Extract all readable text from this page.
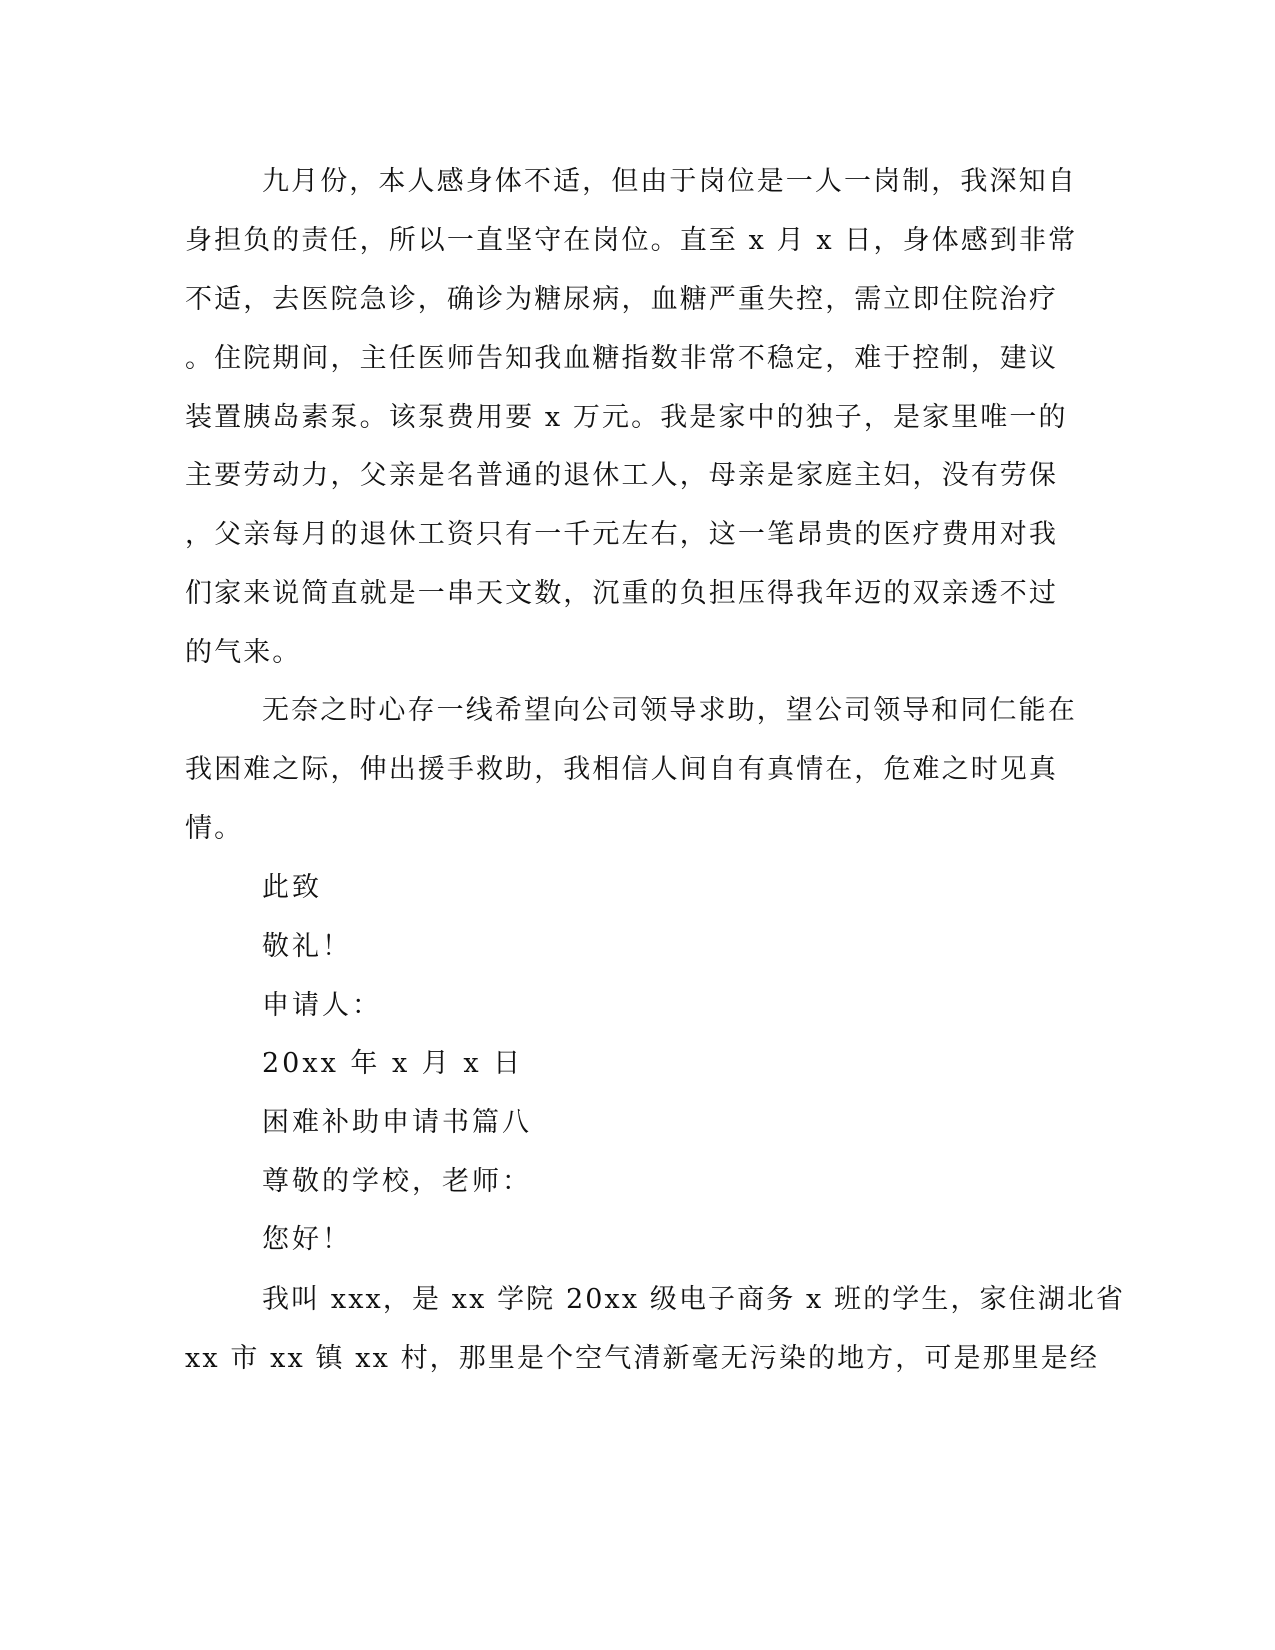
九月份，本人感身体不适，但由于岗位是一人一岗制，我深知自
身担负的责任，所以一直坚守在岗位。直至 x 月 x 日，身体感到非常
不适，去医院急诊，确诊为糖尿病，血糖严重失控，需立即住院治疗
。住院期间，主任医师告知我血糖指数非常不稳定，难于控制，建议
装置胰岛素泵。该泵费用要 x 万元。我是家中的独子，是家里唯一的
主要劳动力，父亲是名普通的退休工人，母亲是家庭主妇，没有劳保
，父亲每月的退休工资只有一千元左右，这一笔昂贵的医疗费用对我
们家来说简直就是一串天文数，沉重的负担压得我年迈的双亲透不过
的气来。
无奈之时心存一线希望向公司领导求助，望公司领导和同仁能在
我困难之际，伸出援手救助，我相信人间自有真情在，危难之时见真
情。
此致
敬礼！
申请人：
20xx 年 x 月 x 日
困难补助申请书篇八
尊敬的学校，老师：
您好！
我叫 xxx，是 xx 学院 20xx 级电子商务 x 班的学生，家住湖北省
xx 市 xx 镇 xx 村，那里是个空气清新毫无污染的地方，可是那里是经
